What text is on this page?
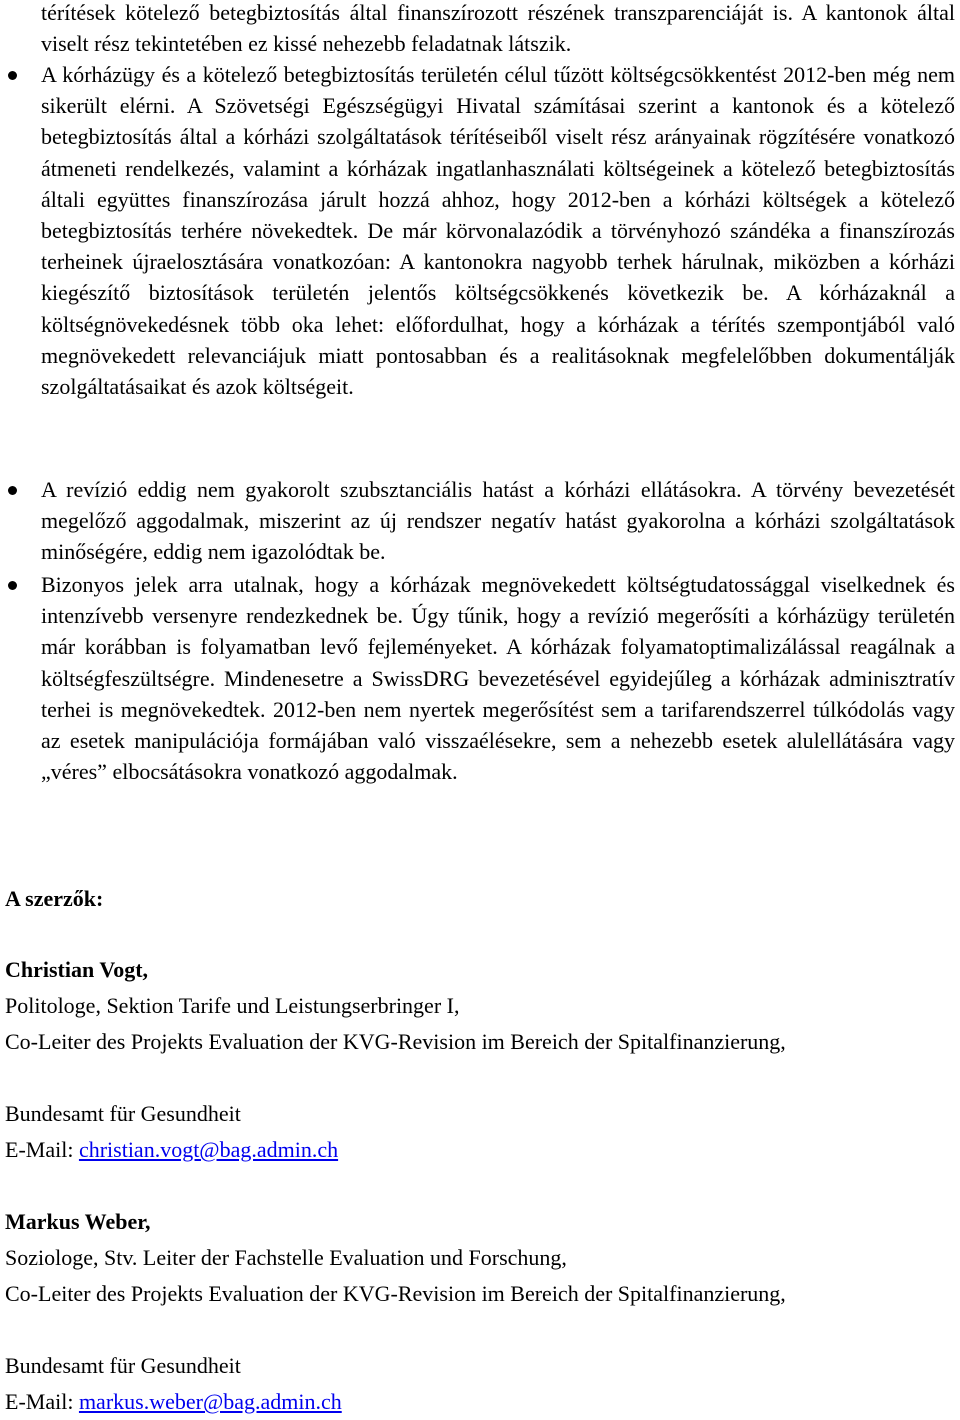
térítések kötelező betegbiztosítás által finanszírozott részének transzparenciáját is. A kantonok által viselt rész tekintetében ez kissé nehezebb feladatnak látszik.

A kórházügy és a kötelező betegbiztosítás területén célul tűzött költségcsökkentést 2012-ben még nem sikerült elérni. A Szövetségi Egészségügyi Hivatal számításai szerint a kantonok és a kötelező betegbiztosítás által a kórházi szolgáltatások térítéseiből viselt rész arányainak rögzítésére vonatkozó átmeneti rendelkezés, valamint a kórházak ingatlanhasználati költségeinek a kötelező betegbiztosítás általi együttes finanszírozása járult hozzá ahhoz, hogy 2012-ben a kórházi költségek a kötelező betegbiztosítás terhére növekedtek. De már körvonalazódik a törvényhozó szándéka a finanszírozás terheinek újraelosztására vonatkozóan: A kantonokra nagyobb terhek hárulnak, miközben a kórházi kiegészítő biztosítások területén jelentős költségcsökkenés következik be. A kórházaknál a költségnövekedésnek több oka lehet: előfordulhat, hogy a kórházak a térítés szempontjából való megnövekedett relevanciájuk miatt pontosabban és a realitásoknak megfelelőbben dokumentálják szolgáltatásaikat és azok költségeit.
A revízió eddig nem gyakorolt szubsztanciális hatást a kórházi ellátásokra. A törvény bevezetését megelőző aggodalmak, miszerint az új rendszer negatív hatást gyakorolna a kórházi szolgáltatások minőségére, eddig nem igazolódtak be.
Bizonyos jelek arra utalnak, hogy a kórházak megnövekedett költségtudatossággal viselkednek és intenzívebb versenyre rendezkednek be. Úgy tűnik, hogy a revízió megerősíti a kórházügy területén már korábban is folyamatban levő fejleményeket. A kórházak folyamatoptimalizálással reagálnak a költségfeszültségre. Mindenesetre a SwissDRG bevezetésével egyidejűleg a kórházak adminisztratív terhei is megnövekedtek. 2012-ben nem nyertek megerősítést sem a tarifarendszerrel túlkódolás vagy az esetek manipulációja formájában való visszaélésekre, sem a nehezebb esetek alulellátására vagy „véres” elbocsátásokra vonatkozó aggodalmak.

A szerzők:

Christian Vogt,

Politologe, Sektion Tarife und Leistungserbringer I,

Co-Leiter des Projekts Evaluation der KVG-Revision im Bereich der Spitalfinanzierung,

Bundesamt für Gesundheit

E-Mail: christian.vogt@bag.admin.ch

Markus Weber,

Soziologe, Stv. Leiter der Fachstelle Evaluation und Forschung,

Co-Leiter des Projekts Evaluation der KVG-Revision im Bereich der Spitalfinanzierung,

Bundesamt für Gesundheit

E-Mail: markus.weber@bag.admin.ch
